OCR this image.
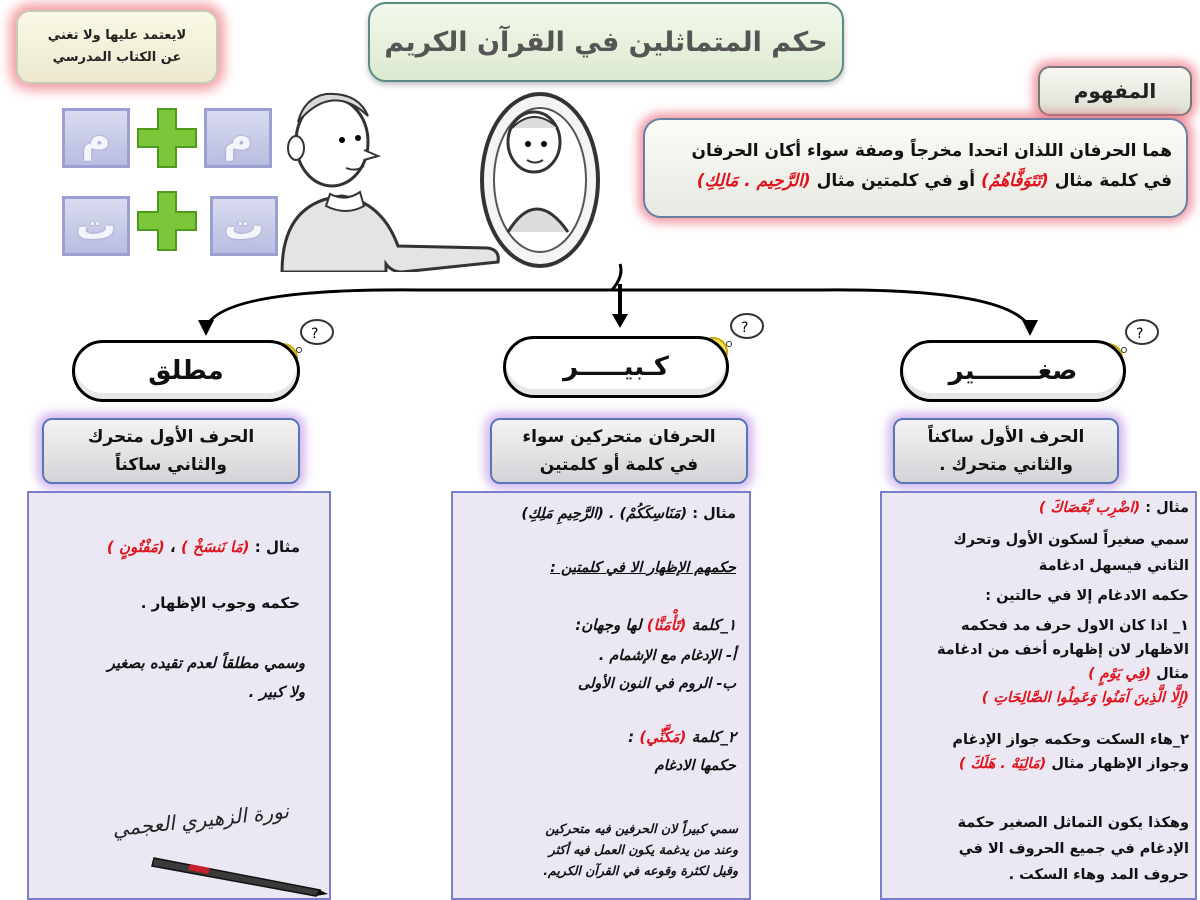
حكم المتماثلين في القرآن الكريم
لايعتمد عليها ولا تغني
عن الكتاب المدرسي
م	م
ت	ت
المفهوم
هما الحرفان اللذان اتحدا مخرجاً وصفة سواء أكان الحرفان
في كلمة مثال (تَتَوَفَّاهُمُ) أو في كلمتين مثال (الرَّحِيم . مَالِكِ)
?	?	?
مطلق	كـبيـــــر	صغـــــــير
الحرف الأول متحرك
والثاني ساكناً
الحرفان متحركين سواء
في كلمة أو كلمتين
الحرف الأول ساكناً
والثاني متحرك .
مثال : (مَا نَنسَخْ ) ، (مَفْتُونٍ )
حكمه وجوب الإظهار .
وسمي مطلقاً لعدم تقيده بصغير
ولا كبير .
نورة الزهيري العجمي
مثال : (مَنَاسِكَكُمْ) . (الرَّحِيمِ مَلِكِ)
حكمهم الإظهار الا في كلمتين :
١_كلمة (تَأْمَنَّا) لها وجهان:
أ- الإدغام مع الإشمام .
ب- الروم في النون الأولى
٢_كلمة (مَكَّنِّي) :
حكمها الادغام
سمي كبيراً لان الحرفين فيه متحركين
وعند من يدغمة يكون العمل فيه أكثر
وقيل لكثرة وقوعه في القرآن الكريم.
مثال : (اضْرِب بِّعَصَاكَ )
سمي صغيراً لسكون الأول وتحرك
الثاني فيسهل ادغامة
حكمه الادغام إلا في حالتين :
١_ اذا كان الاول حرف مد فحكمه
الاظهار لان إظهاره أخف من ادغامة
مثال (فِي يَوْمٍ )
(إِلَّا الَّذِينَ آمَنُوا وَعَمِلُوا الصَّالِحَاتِ )
٢_هاء السكت وحكمه جواز الإدغام
وجواز الإظهار مثال (مَالِيَهْ . هَلَكَ )
وهكذا يكون التماثل الصغير حكمة
الإدغام في جميع الحروف الا في
حروف المد وهاء السكت .
